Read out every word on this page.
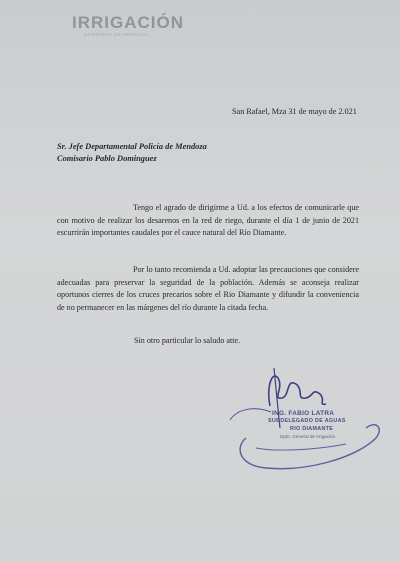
IRRIGACIÓN
GOBIERNO DE MENDOZA
San Rafael, Mza 31 de mayo de 2.021
Sr. Jefe Departamental Policía de Mendoza
Comisario Pablo Dominguez
Tengo el agrado de dirigirme a Ud. a los efectos de comunicarle que con motivo de realizar los desarenos en la red de riego, durante el día 1 de junio de 2021 escurrirán importantes caudales por el cauce natural del Río Diamante.
Por lo tanto recomienda a Ud. adoptar las precauciones que considere adecuadas para preservar la seguridad de la población. Además se aconseja realizar oportunos cierres de los cruces precarios sobre el Rio Diamante y difundir la conveniencia de no permanecer en las márgenes del río durante la citada fecha.
Sin otro particular lo saludo atte.
ING. FABIO LATRA
SUBDELEGADO DE AGUAS
RIO DIAMANTE
Dpto. General de Irrigación
